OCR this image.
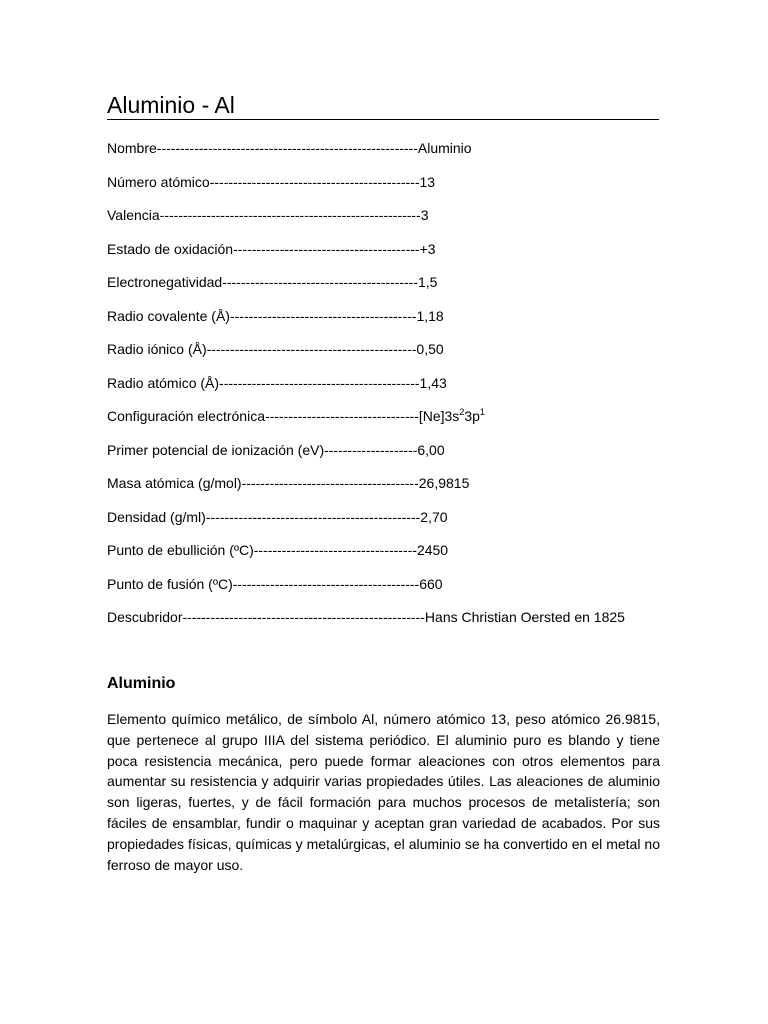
Aluminio - Al
Nombre -------------------------------------------------------- Aluminio
Número atómico --------------------------------------------- 13
Valencia -------------------------------------------------------- 3
Estado de oxidación ---------------------------------------- +3
Electronegatividad ------------------------------------------ 1,5
Radio covalente (Å) ---------------------------------------- 1,18
Radio iónico (Å) --------------------------------------------- 0,50
Radio atómico (Å) ------------------------------------------- 1,43
Configuración electrónica --------------------------------- $[Ne]3s^23p^1$
Primer potencial de ionización (eV) -------------------- 6,00
Masa atómica (g/mol) -------------------------------------- 26,9815
Densidad (g/ml) ---------------------------------------------- 2,70
Punto de ebullición (ºC) ----------------------------------- 2450
Punto de fusión (ºC) ---------------------------------------- 660
Descubridor ---------------------------------------------------- Hans Christian Oersted en 1825
Aluminio

Elemento químico metálico, de símbolo Al, número atómico 13, peso atómico 26.9815, que pertenece al grupo IIIA del sistema periódico. El aluminio puro es blando y tiene poca resistencia mecánica, pero puede formar aleaciones con otros elementos para aumentar su resistencia y adquirir varias propiedades útiles. Las aleaciones de aluminio son ligeras, fuertes, y de fácil formación para muchos procesos de metalistería; son fáciles de ensamblar, fundir o maquinar y aceptan gran variedad de acabados. Por sus propiedades físicas, químicas y metalúrgicas, el aluminio se ha convertido en el metal no ferroso de mayor uso.
